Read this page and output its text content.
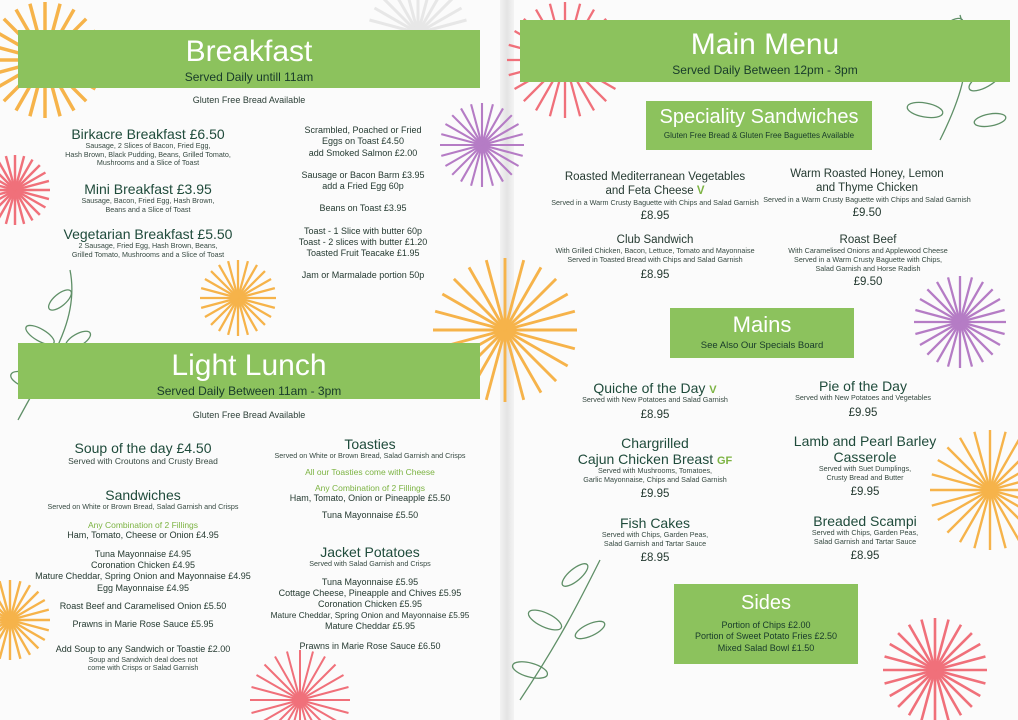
Breakfast
Served Daily untill 11am
Gluten Free Bread Available
Birkacre Breakfast £6.50
Sausage, 2 Slices of Bacon, Fried Egg,
Hash Brown, Black Pudding, Beans, Grilled Tomato,
Mushrooms and a Slice of Toast
Mini Breakfast £3.95
Sausage, Bacon, Fried Egg, Hash Brown,
Beans and a Slice of Toast
Vegetarian Breakfast £5.50
2 Sausage, Fried Egg, Hash Brown, Beans,
Grilled Tomato, Mushrooms and a Slice of Toast
Scrambled, Poached or Fried
Eggs on Toast £4.50
add Smoked Salmon £2.00
Sausage or Bacon Barm £3.95
add a Fried Egg 60p
Beans on Toast £3.95
Toast - 1 Slice with butter 60p
Toast - 2 slices with butter £1.20
Toasted Fruit Teacake £1.95
Jam or Marmalade portion 50p
Light Lunch
Served Daily Between 11am - 3pm
Gluten Free Bread Available
Soup of the day £4.50
Served with Croutons and Crusty Bread
Sandwiches
Served on White or Brown Bread, Salad Garnish and Crisps
Any Combination of 2 Fillings
Ham, Tomato, Cheese or Onion £4.95
Tuna Mayonnaise £4.95
Coronation Chicken £4.95
Mature Cheddar, Spring Onion and Mayonnaise £4.95
Egg Mayonnaise £4.95
Roast Beef and Caramelised Onion £5.50
Prawns in Marie Rose Sauce £5.95
Add Soup to any Sandwich or Toastie £2.00
Soup and Sandwich deal does not
come with Crisps or Salad Garnish
Toasties
Served on White or Brown Bread, Salad Garnish and Crisps
All our Toasties come with Cheese
Any Combination of 2 Fillings
Ham, Tomato, Onion or Pineapple £5.50
Tuna Mayonnaise £5.50
Jacket Potatoes
Served with Salad Garnish and Crisps
Tuna Mayonnaise £5.95
Cottage Cheese, Pineapple and Chives £5.95
Coronation Chicken £5.95
Mature Cheddar, Spring Onion and Mayonnaise £5.95
Mature Cheddar £5.95
Prawns in Marie Rose Sauce £6.50
Main Menu
Served Daily Between 12pm - 3pm
Speciality Sandwiches
Gluten Free Bread & Gluten Free Baguettes Available
Roasted Mediterranean Vegetables
and Feta Cheese V
Served in a Warm Crusty Baguette with Chips and Salad Garnish
£8.95
Warm Roasted Honey, Lemon
and Thyme Chicken
Served in a Warm Crusty Baguette with Chips and Salad Garnish
£9.50
Club Sandwich
With Grilled Chicken, Bacon, Lettuce, Tomato and Mayonnaise
Served in Toasted Bread with Chips and Salad Garnish
£8.95
Roast Beef
With Caramelised Onions and Applewood Cheese
Served in a Warm Crusty Baguette with Chips,
Salad Garnish and Horse Radish
£9.50
Mains
See Also Our Specials Board
Quiche of the Day V
Served with New Potatoes and Salad Garnish
£8.95
Pie of the Day
Served with New Potatoes and Vegetables
£9.95
Chargrilled
Cajun Chicken Breast GF
Served with Mushrooms, Tomatoes,
Garlic Mayonnaise, Chips and Salad Garnish
£9.95
Lamb and Pearl Barley
Casserole
Served with Suet Dumplings,
Crusty Bread and Butter
£9.95
Fish Cakes
Served with Chips, Garden Peas,
Salad Garnish and Tartar Sauce
£8.95
Breaded Scampi
Served with Chips, Garden Peas,
Salad Garnish and Tartar Sauce
£8.95
Sides
Portion of Chips £2.00
Portion of Sweet Potato Fries £2.50
Mixed Salad Bowl £1.50
